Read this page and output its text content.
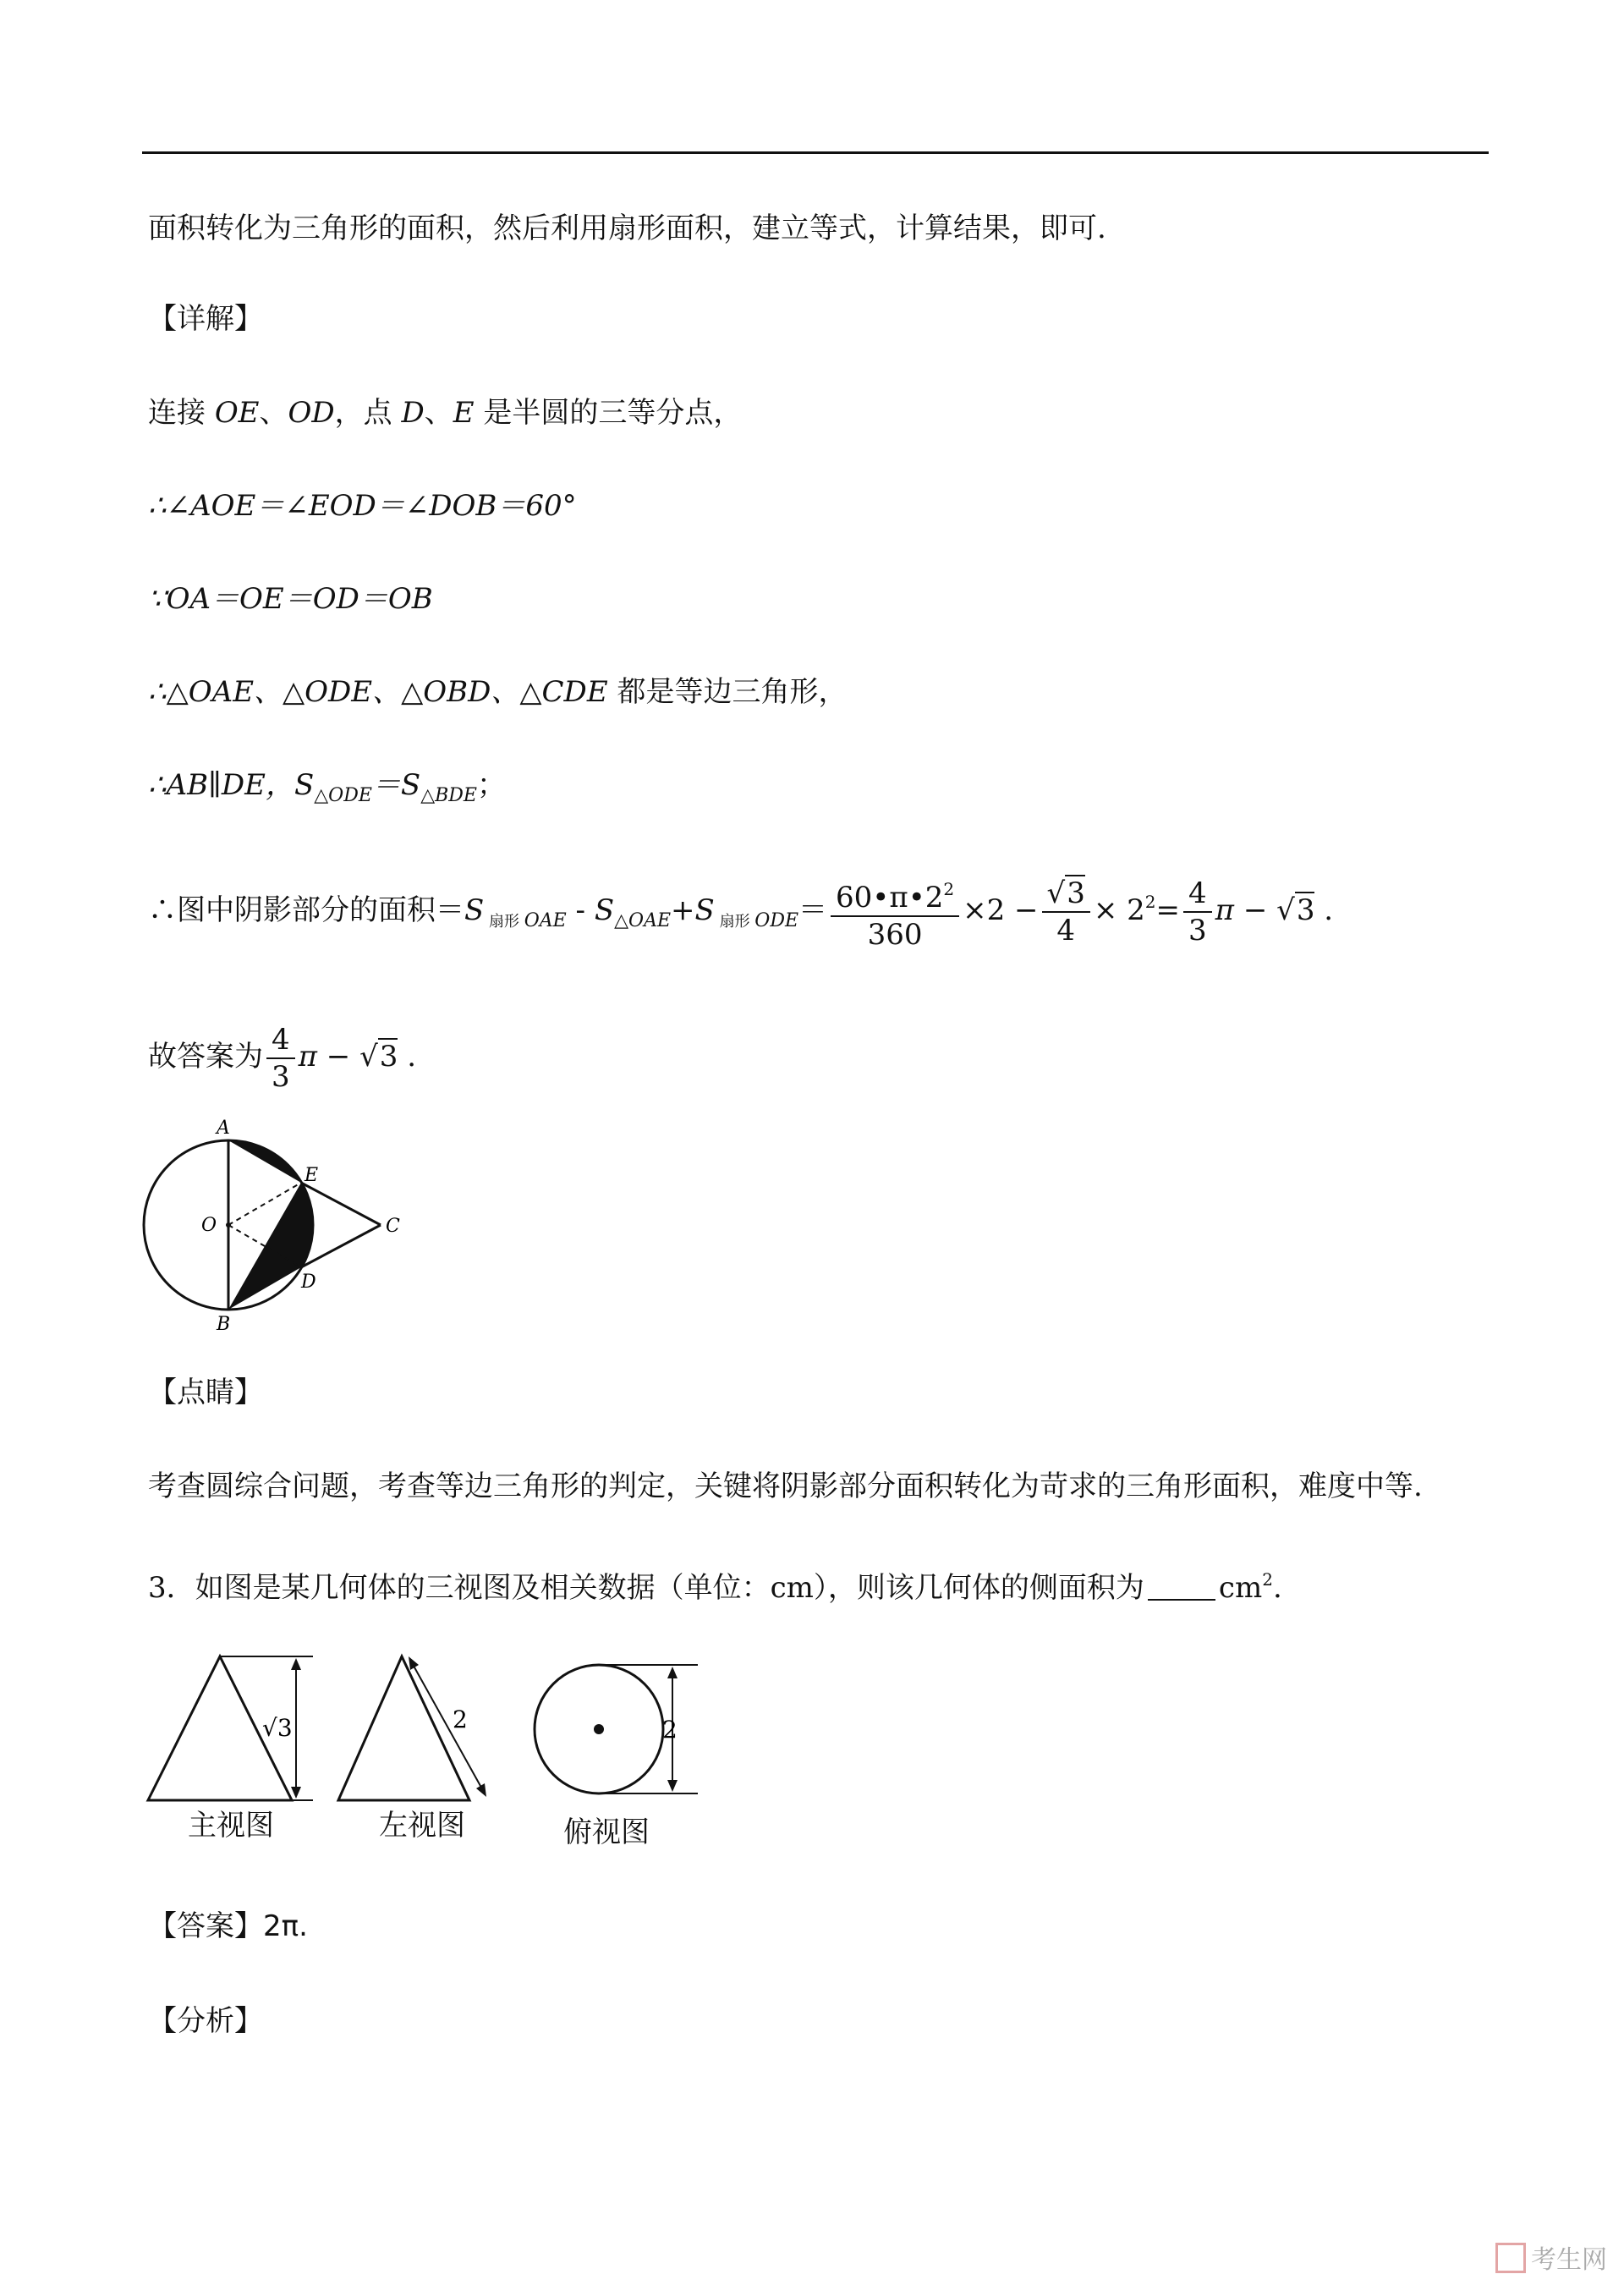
面积转化为三角形的面积，然后利用扇形面积，建立等式，计算结果，即可.
【详解】
连接 OE、OD，点 D、E 是半圆的三等分点，
∴∠AOE＝∠EOD＝∠DOB＝60°
∵OA＝OE＝OD＝OB
∴△OAE、△ODE、△OBD、△CDE 都是等边三角形，
∴AB∥DE，$S_{\triangle ODE}=S_{\triangle BDE}$；
∴图中阴影部分的面积＝S $_{扇形}$ $_{OAE} - S_{\triangle OAE}+S$ $_{扇形}$ $_{ODE}= \frac{60•\pi•2^2}{360} \times 2 - \frac{√3}{4} \times 2^2= \frac{4}{3}$ π − √3 .
故答案为 $\frac{4}{3}$ π − √3 .
A
E
O	C
D
B
【点睛】
考查圆综合问题，考查等边三角形的判定，关键将阴影部分面积转化为苛求的三角形面积，难度中等.
3．如图是某几何体的三视图及相关数据（单位：cm），则该几何体的侧面积为	$cm^2$.
√3
主视图
2
左视图
2
俯视图
【答案】2π.
【分析】
考生网
